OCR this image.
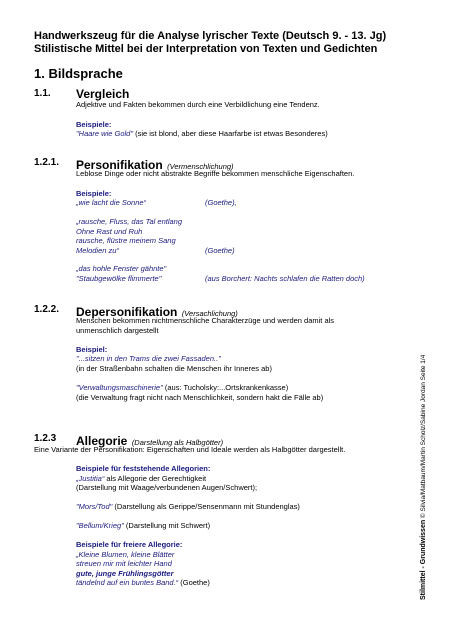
Handwerkszeug für die Analyse lyrischer Texte (Deutsch 9. - 13. Jg)
Stilistische Mittel bei der Interpretation von Texten und Gedichten
1. Bildsprache
1.1. Vergleich
Adjektive und Fakten bekommen durch eine Verbildlichung eine Tendenz.
Beispiele:
"Haare wie Gold" (sie ist blond, aber diese Haarfarbe ist etwas Besonderes)
1.2.1. Personifikation (Vermenschlichung)
Leblose Dinge oder nicht abstrakte Begriffe bekommen menschliche Eigenschaften.
Beispiele:
„wie lacht die Sonne“	(Goethe),
„rausche, Fluss, das Tal entlang
Ohne Rast und Ruh
rausche, flüstre meinem Sang
Melodien zu“	(Goethe)
„das hohle Fenster gähnte"
"Staubgewölke flimmerte"	(aus Borchert: Nachts schlafen die Ratten doch)
1.2.2. Depersonifikation (Versachlichung)
Menschen bekommen nichtmenschliche Charakterzüge und werden damit als
unmenschlich dargestellt
Beispiel:
"...sitzen in den Trams die zwei Fassaden.."
(in der Straßenbahn schalten die Menschen ihr Inneres ab)
"Verwaltungsmaschinerie" (aus: Tucholsky:...Ortskrankenkasse)
(die Verwaltung fragt nicht nach Menschlichkeit, sondern hakt die Fälle ab)
1.2.3 Allegorie (Darstellung als Halbgötter)
Eine Variante der Personifikation: Eigenschaften und Ideale werden als Halbgötter dargestellt.
Beispiele für feststehende Allegorien:
„Justitia“ als Allegorie der Gerechtigkeit
(Darstellung mit Waage/verbundenen Augen/Schwert);
"Mors/Tod" (Darstellung als Gerippe/Sensenmann mit Stundenglas)
"Bellum/Krieg" (Darstellung mit Schwert)
Beispiele für freiere Allegorie:
„Kleine Blumen, kleine Blätter
streuen mir mit leichter Hand
gute, junge Frühlingsgötter
tändelnd auf ein buntes Band.“ (Goethe)	Stilmittel - Grundwissen © Silvia/Matbaum/Martin Scholz/Sabine Jordan Seite 1/4
